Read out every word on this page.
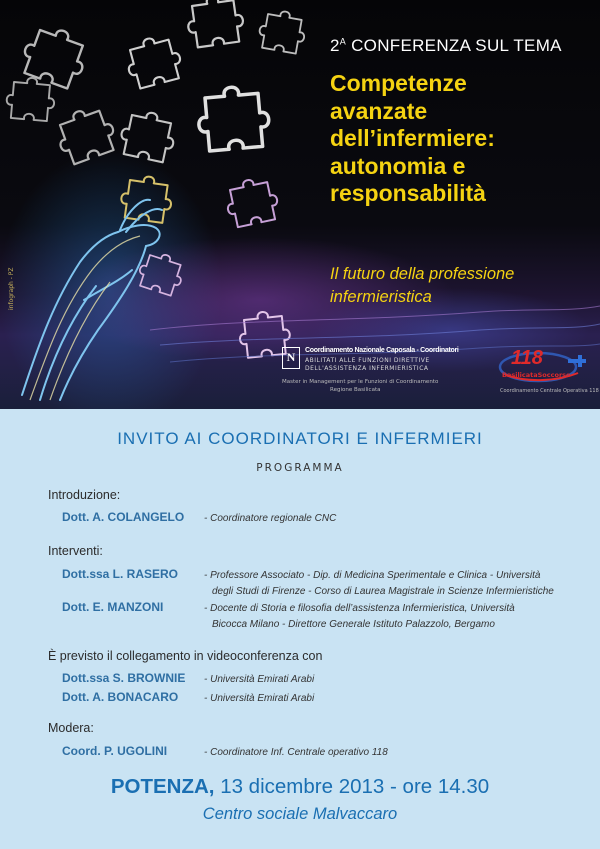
infograph - PZ
$2^A$ CONFERENZA SUL TEMA
Competenze
avanzate
dell’infermiere:
autonomia e
responsabilità
Il futuro della professione
infermieristica
N	Coordinamento Nazionale Caposala - Coordinatori
ABILITATI ALLE FUNZIONI DIRETTIVE
DELL'ASSISTENZA INFERMIERISTICA
Master in Management per le Funzioni di Coordinamento
Regione Basilicata
118
BasilicataSoccorso
Coordinamento Centrale Operativa 118
INVITO AI COORDINATORI E INFERMIERI
PROGRAMMA
Introduzione:
Dott. A. COLANGELO - Coordinatore regionale CNC
Interventi:
Dott.ssa L. RASERO	- Professore Associato - Dip. di Medicina Sperimentale e Clinica - Università
degli Studi di Firenze - Corso di Laurea Magistrale in Scienze Infermieristiche
Dott. E. MANZONI	- Docente di Storia e filosofia dell’assistenza Infermieristica, Università
Bicocca Milano - Direttore Generale Istituto Palazzolo, Bergamo
È previsto il collegamento in videoconferenza con
Dott.ssa S. BROWNIE - Università Emirati Arabi
Dott. A. BONACARO	- Università Emirati Arabi
Modera:
Coord. P. UGOLINI	- Coordinatore Inf. Centrale operativo 118
POTENZA, 13 dicembre 2013 - ore 14.30
Centro sociale Malvaccaro
